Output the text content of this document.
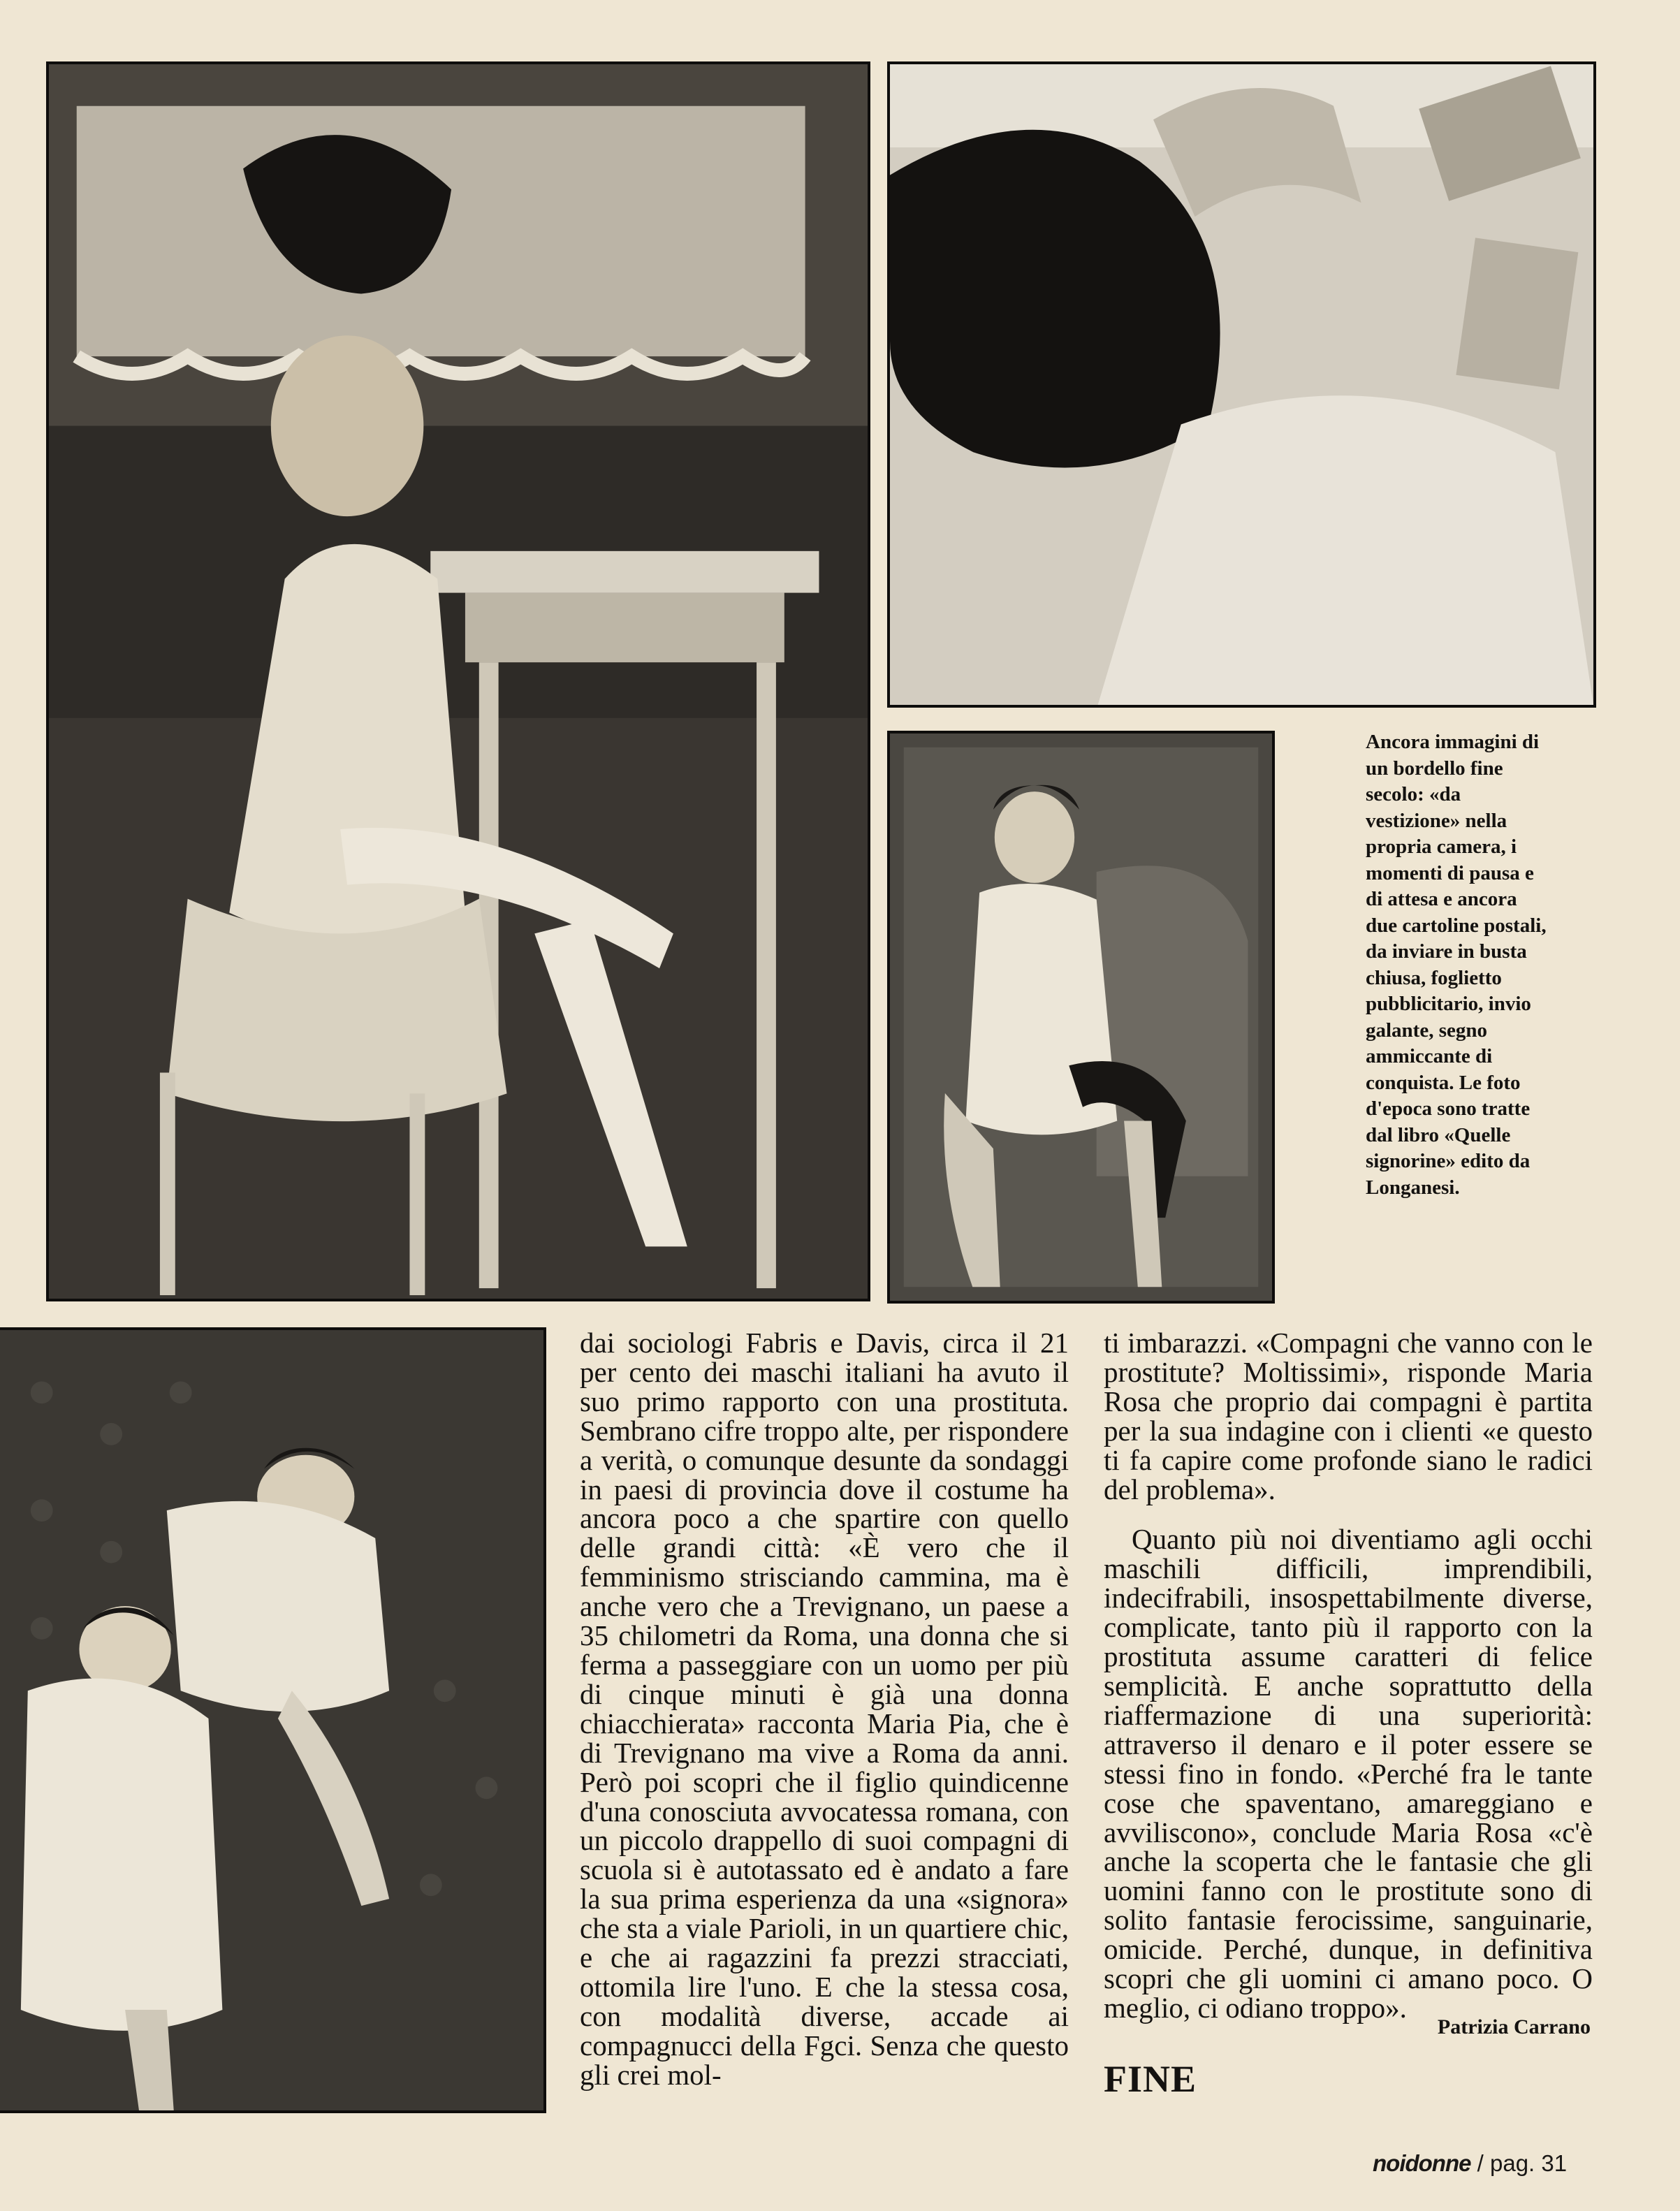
Ancora immagini di un bordello fine secolo: «da vestizione» nella propria camera, i momenti di pausa e di attesa e ancora due cartoline postali, da inviare in busta chiusa, foglietto pubblicitario, invio galante, segno ammiccante di conquista. Le foto d'epoca sono tratte dal libro «Quelle signorine» edito da Longanesi.

dai sociologi Fabris e Davis, circa il 21 per cento dei maschi italiani ha avuto il suo primo rapporto con una prostituta. Sembrano cifre troppo alte, per rispondere a verità, o comunque desunte da sondaggi in paesi di provincia dove il costume ha ancora poco a che spartire con quello delle grandi città: «È vero che il femminismo strisciando cammina, ma è anche vero che a Trevignano, un paese a 35 chilometri da Roma, una donna che si ferma a passeggiare con un uomo per più di cinque minuti è già una donna chiacchierata» racconta Maria Pia, che è di Trevignano ma vive a Roma da anni. Però poi scopri che il figlio quindicenne d'una conosciuta avvocatessa romana, con un piccolo drappello di suoi compagni di scuola si è autotassato ed è andato a fare la sua prima esperienza da una «signora» che sta a viale Parioli, in un quartiere chic, e che ai ragazzini fa prezzi stracciati, ottomila lire l'uno. E che la stessa cosa, con modalità diverse, accade ai compagnucci della Fgci. Senza che questo gli crei mol-

ti imbarazzi. «Compagni che vanno con le prostitute? Moltissimi», risponde Maria Rosa che proprio dai compagni è partita per la sua indagine con i clienti «e questo ti fa capire come profonde siano le radici del problema».

Quanto più noi diventiamo agli occhi maschili difficili, imprendibili, indecifrabili, insospettabilmente diverse, complicate, tanto più il rapporto con la prostituta assume caratteri di felice semplicità. E anche soprattutto della riaffermazione di una superiorità: attraverso il denaro e il poter essere se stessi fino in fondo. «Perché fra le tante cose che spaventano, amareggiano e avviliscono», conclude Maria Rosa «c'è anche la scoperta che le fantasie che gli uomini fanno con le prostitute sono di solito fantasie ferocissime, sanguinarie, omicide. Perché, dunque, in definitiva scopri che gli uomini ci amano poco. O meglio, ci odiano troppo».

Patrizia Carrano
FINE
noidonne / pag. 31
